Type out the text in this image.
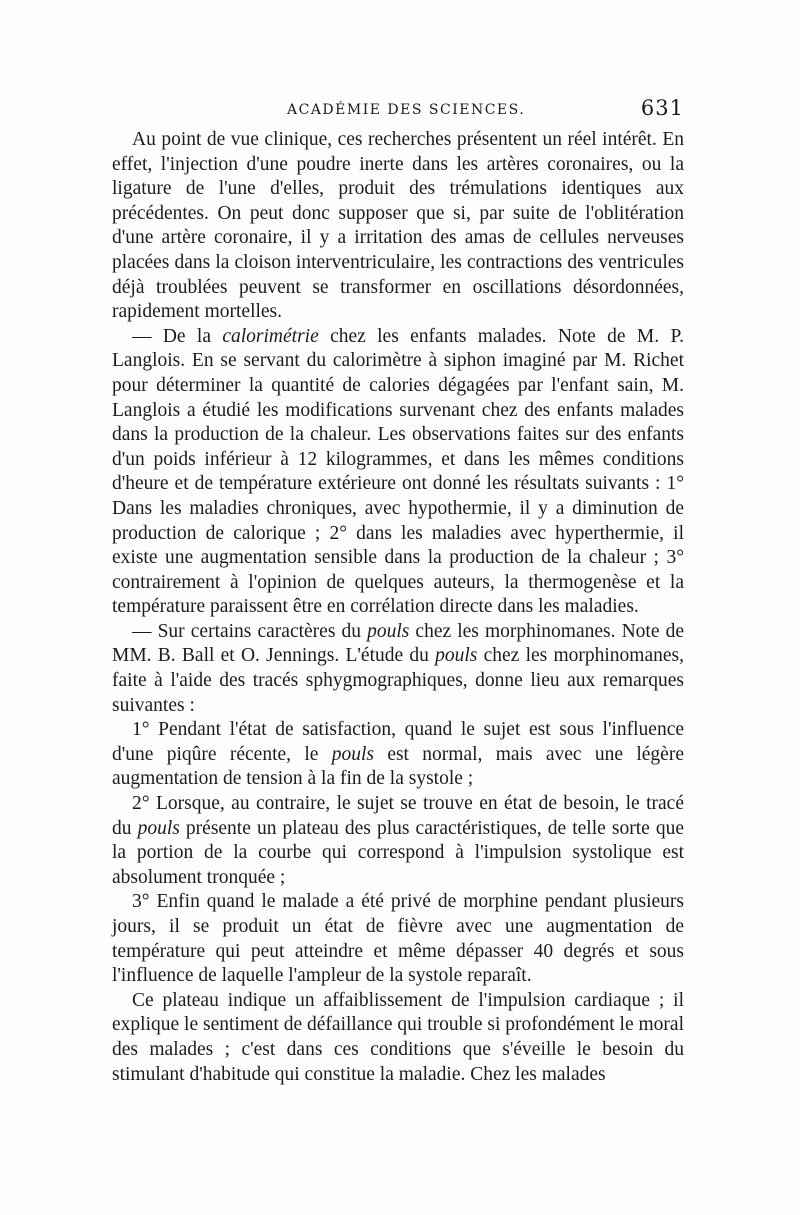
ACADÉMIE DES SCIENCES.	631

Au point de vue clinique, ces recherches présentent un réel intérêt. En effet, l'injection d'une poudre inerte dans les artères coronaires, ou la ligature de l'une d'elles, produit des trémulations identiques aux précédentes. On peut donc supposer que si, par suite de l'oblitération d'une artère coronaire, il y a irritation des amas de cellules nerveuses placées dans la cloison interventriculaire, les contractions des ventricules déjà troublées peuvent se transformer en oscillations désordonnées, rapidement mortelles.

— De la calorimétrie chez les enfants malades. Note de M. P. Langlois. En se servant du calorimètre à siphon imaginé par M. Richet pour déterminer la quantité de calories dégagées par l'enfant sain, M. Langlois a étudié les modifications survenant chez des enfants malades dans la production de la chaleur. Les observations faites sur des enfants d'un poids inférieur à 12 kilogrammes, et dans les mêmes conditions d'heure et de température extérieure ont donné les résultats suivants : 1° Dans les maladies chroniques, avec hypothermie, il y a diminution de production de calorique ; 2° dans les maladies avec hyperthermie, il existe une augmentation sensible dans la production de la chaleur ; 3° contrairement à l'opinion de quelques auteurs, la thermogenèse et la température paraissent être en corrélation directe dans les maladies.

— Sur certains caractères du pouls chez les morphinomanes. Note de MM. B. Ball et O. Jennings. L'étude du pouls chez les morphinomanes, faite à l'aide des tracés sphygmographiques, donne lieu aux remarques suivantes :

1° Pendant l'état de satisfaction, quand le sujet est sous l'influence d'une piqûre récente, le pouls est normal, mais avec une légère augmentation de tension à la fin de la systole ;

2° Lorsque, au contraire, le sujet se trouve en état de besoin, le tracé du pouls présente un plateau des plus caractéristiques, de telle sorte que la portion de la courbe qui correspond à l'impulsion systolique est absolument tronquée ;

3° Enfin quand le malade a été privé de morphine pendant plusieurs jours, il se produit un état de fièvre avec une augmentation de température qui peut atteindre et même dépasser 40 degrés et sous l'influence de laquelle l'ampleur de la systole reparaît.

Ce plateau indique un affaiblissement de l'impulsion cardiaque ; il explique le sentiment de défaillance qui trouble si profondément le moral des malades ; c'est dans ces conditions que s'éveille le besoin du stimulant d'habitude qui constitue la maladie. Chez les malades
